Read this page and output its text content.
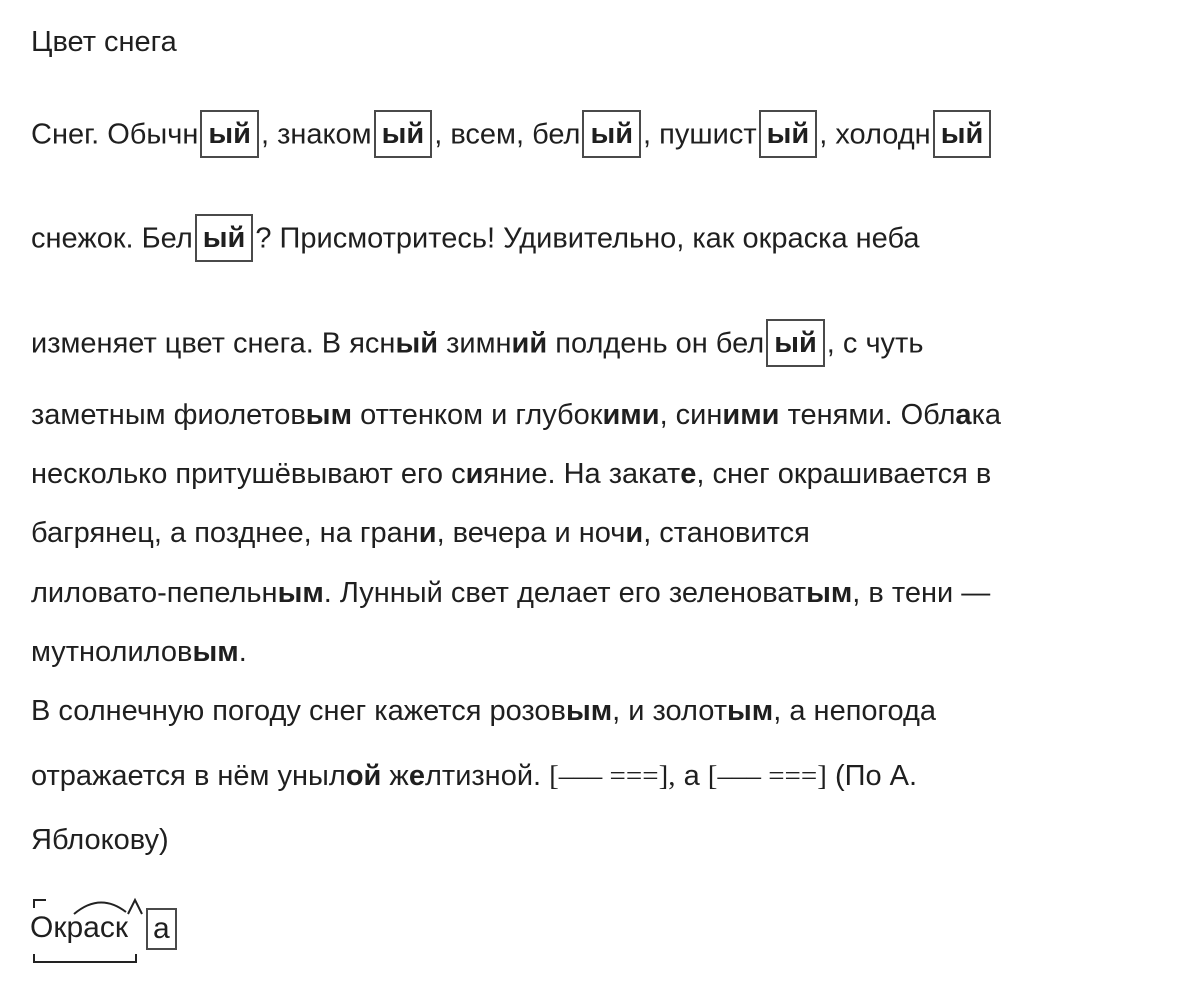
Цвет снега
Снег. Обычн ый , знаком ый , всем, бел ый , пушист ый , холодн ый
снежок. Бел ый ? Присмотритесь! Удивительно, как окраска неба
изменяет цвет снега. В ясный зимний полдень он бел ый , с чуть
заметным фиолетовым оттенком и глубокими, синими тенями. Облака
несколько притушёвывают его сияние. На закате, снег окрашивается в
багрянец, а позднее, на грани, вечера и ночи, становится
лиловато-пепельным. Лунный свет делает его зеленоватым, в тени —
мутнолиловым.
В солнечную погоду снег кажется розовым, и золотым, а непогода
отражается в нём унылой желтизной. [––– ===], а [––– ===] (По А.
Яблокову)
Окраск а
